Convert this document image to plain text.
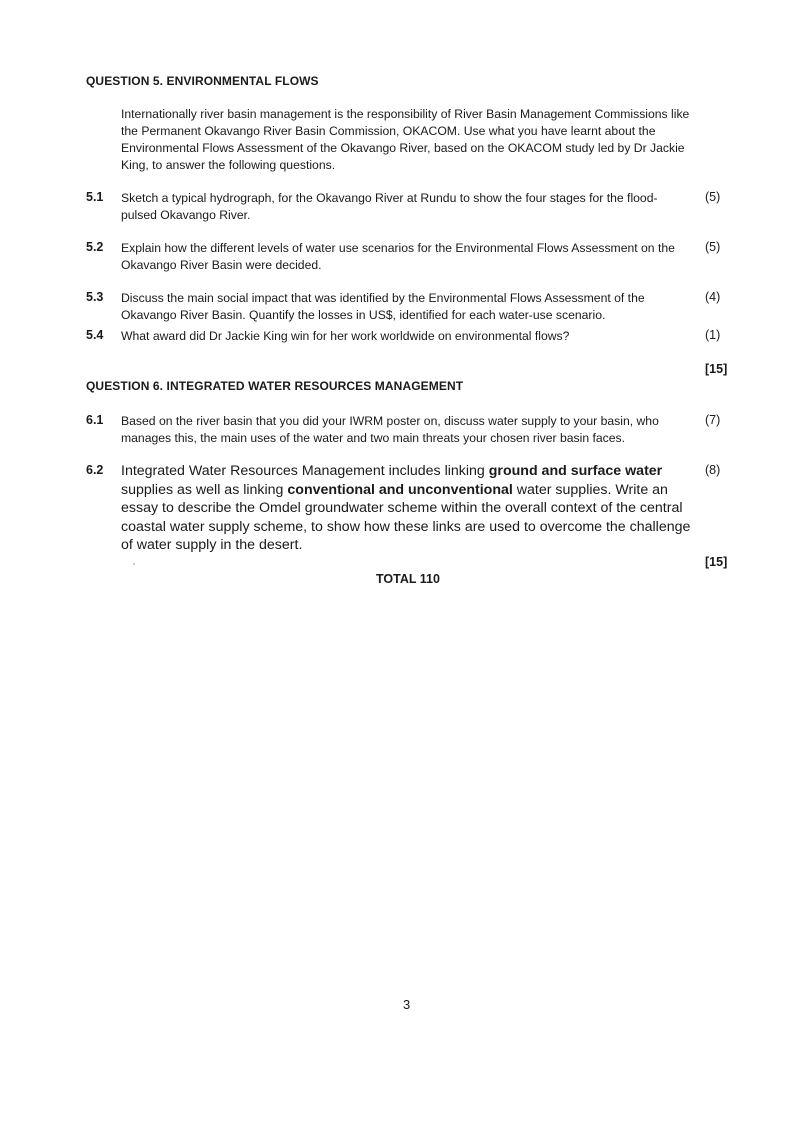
QUESTION 5. ENVIRONMENTAL FLOWS
Internationally river basin management is the responsibility of River Basin Management Commissions like the Permanent Okavango River Basin Commission, OKACOM. Use what you have learnt about the Environmental Flows Assessment of the Okavango River, based on the OKACOM study led by Dr Jackie King, to answer the following questions.
5.1 Sketch a typical hydrograph, for the Okavango River at Rundu to show the four stages for the flood-pulsed Okavango River.
(5)
5.2 Explain how the different levels of water use scenarios for the Environmental Flows Assessment on the Okavango River Basin were decided.
(5)
5.3 Discuss the main social impact that was identified by the Environmental Flows Assessment of the Okavango River Basin. Quantify the losses in US$, identified for each water-use scenario.
(4)
5.4 What award did Dr Jackie King win for her work worldwide on environmental flows?	(1)
[15]
QUESTION 6. INTEGRATED WATER RESOURCES MANAGEMENT
6.1 Based on the river basin that you did your IWRM poster on, discuss water supply to your basin, who manages this, the main uses of the water and two main threats your chosen river basin faces.
(7)
6.2 Integrated Water Resources Management includes linking ground and surface water supplies as well as linking conventional and unconventional water supplies. Write an essay to describe the Omdel groundwater scheme within the overall context of the central coastal water supply scheme, to show how these links are used to overcome the challenge of water supply in the desert.
(8)
[15]
TOTAL 110
3
